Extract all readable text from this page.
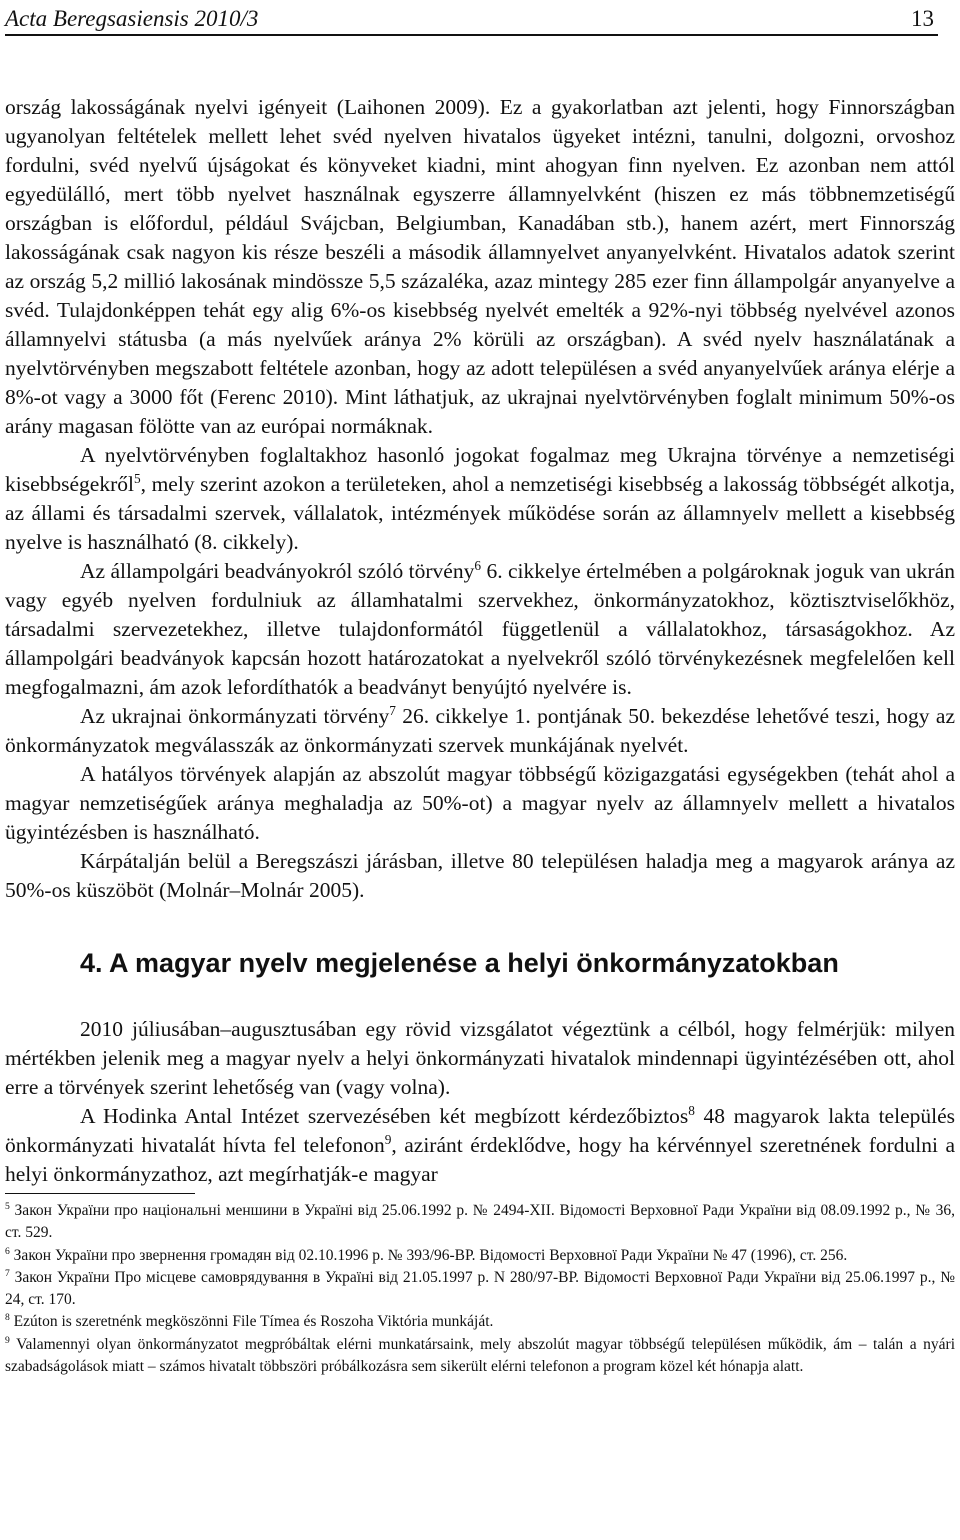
Acta Beregsasiensis 2010/3	13

ország lakosságának nyelvi igényeit (Laihonen 2009). Ez a gyakorlatban azt jelenti, hogy Finnországban ugyanolyan feltételek mellett lehet svéd nyelven hivatalos ügyeket intézni, tanulni, dolgozni, orvoshoz fordulni, svéd nyelvű újságokat és könyveket kiadni, mint ahogyan finn nyelven. Ez azonban nem attól egyedülálló, mert több nyelvet használnak egyszerre államnyelvként (hiszen ez más többnemzetiségű országban is előfordul, például Svájcban, Belgiumban, Kanadában stb.), hanem azért, mert Finnország lakosságának csak nagyon kis része beszéli a második államnyelvet anyanyelvként. Hivatalos adatok szerint az ország 5,2 millió lakosának mindössze 5,5 százaléka, azaz mintegy 285 ezer finn állampolgár anyanyelve a svéd. Tulajdonképpen tehát egy alig 6%-os kisebbség nyelvét emelték a 92%-nyi többség nyelvével azonos államnyelvi státusba (a más nyelvűek aránya 2% körüli az országban). A svéd nyelv használatának a nyelvtörvényben megszabott feltétele azonban, hogy az adott településen a svéd anyanyelvűek aránya elérje a 8%-ot vagy a 3000 főt (Ferenc 2010). Mint láthatjuk, az ukrajnai nyelvtörvényben foglalt minimum 50%-os arány magasan fölötte van az európai normáknak.

A nyelvtörvényben foglaltakhoz hasonló jogokat fogalmaz meg Ukrajna törvénye a nemzetiségi kisebbségekről$^5$, mely szerint azokon a területeken, ahol a nemzetiségi kisebbség a lakosság többségét alkotja, az állami és társadalmi szervek, vállalatok, intézmények működése során az államnyelv mellett a kisebbség nyelve is használható (8. cikkely).

Az állampolgári beadványokról szóló törvény$^6$ 6. cikkelye értelmében a polgároknak joguk van ukrán vagy egyéb nyelven fordulniuk az államhatalmi szervekhez, önkormányzatokhoz, köztisztviselőkhöz, társadalmi szervezetekhez, illetve tulajdonformától függetlenül a vállalatokhoz, társaságokhoz. Az állampolgári beadványok kapcsán hozott határozatokat a nyelvekről szóló törvénykezésnek megfelelően kell megfogalmazni, ám azok lefordíthatók a beadványt benyújtó nyelvére is.

Az ukrajnai önkormányzati törvény$^7$ 26. cikkelye 1. pontjának 50. bekezdése lehetővé teszi, hogy az önkormányzatok megválasszák az önkormányzati szervek munkájának nyelvét.

A hatályos törvények alapján az abszolút magyar többségű közigazgatási egységekben (tehát ahol a magyar nemzetiségűek aránya meghaladja az 50%-ot) a magyar nyelv az államnyelv mellett a hivatalos ügyintézésben is használható.

Kárpátalján belül a Beregszászi járásban, illetve 80 településen haladja meg a magyarok aránya az 50%-os küszöböt (Molnár–Molnár 2005).

4. A magyar nyelv megjelenése a helyi önkormányzatokban

2010 júliusában–augusztusában egy rövid vizsgálatot végeztünk a célból, hogy felmérjük: milyen mértékben jelenik meg a magyar nyelv a helyi önkormányzati hivatalok mindennapi ügyintézésében ott, ahol erre a törvények szerint lehetőség van (vagy volna).

A Hodinka Antal Intézet szervezésében két megbízott kérdezőbiztos$^8$ 48 magyarok lakta település önkormányzati hivatalát hívta fel telefonon$^9$, aziránt érdeklődve, hogy ha kérvénnyel szeretnének fordulni a helyi önkormányzathoz, azt megírhatják-e magyar

$^5$ Закон України про національні меншини в Україні від 25.06.1992 р. № 2494-XII. Відомості Верховної Ради України від 08.09.1992 р., № 36, ст. 529.

$^6$ Закон України про звернення громадян від 02.10.1996 р. № 393/96-ВР. Відомості Верховної Ради України № 47 (1996), ст. 256.

$^7$ Закон України Про місцеве самоврядування в Україні від 21.05.1997 р. N 280/97-ВР. Відомості Верховної Ради України від 25.06.1997 р., № 24, ст. 170.

$^8$ Ezúton is szeretnénk megköszönni File Tímea és Roszoha Viktória munkáját.

$^9$ Valamennyi olyan önkormányzatot megpróbáltak elérni munkatársaink, mely abszolút magyar többségű településen működik, ám – talán a nyári szabadságolások miatt – számos hivatalt többszöri próbálkozásra sem sikerült elérni telefonon a program közel két hónapja alatt.
